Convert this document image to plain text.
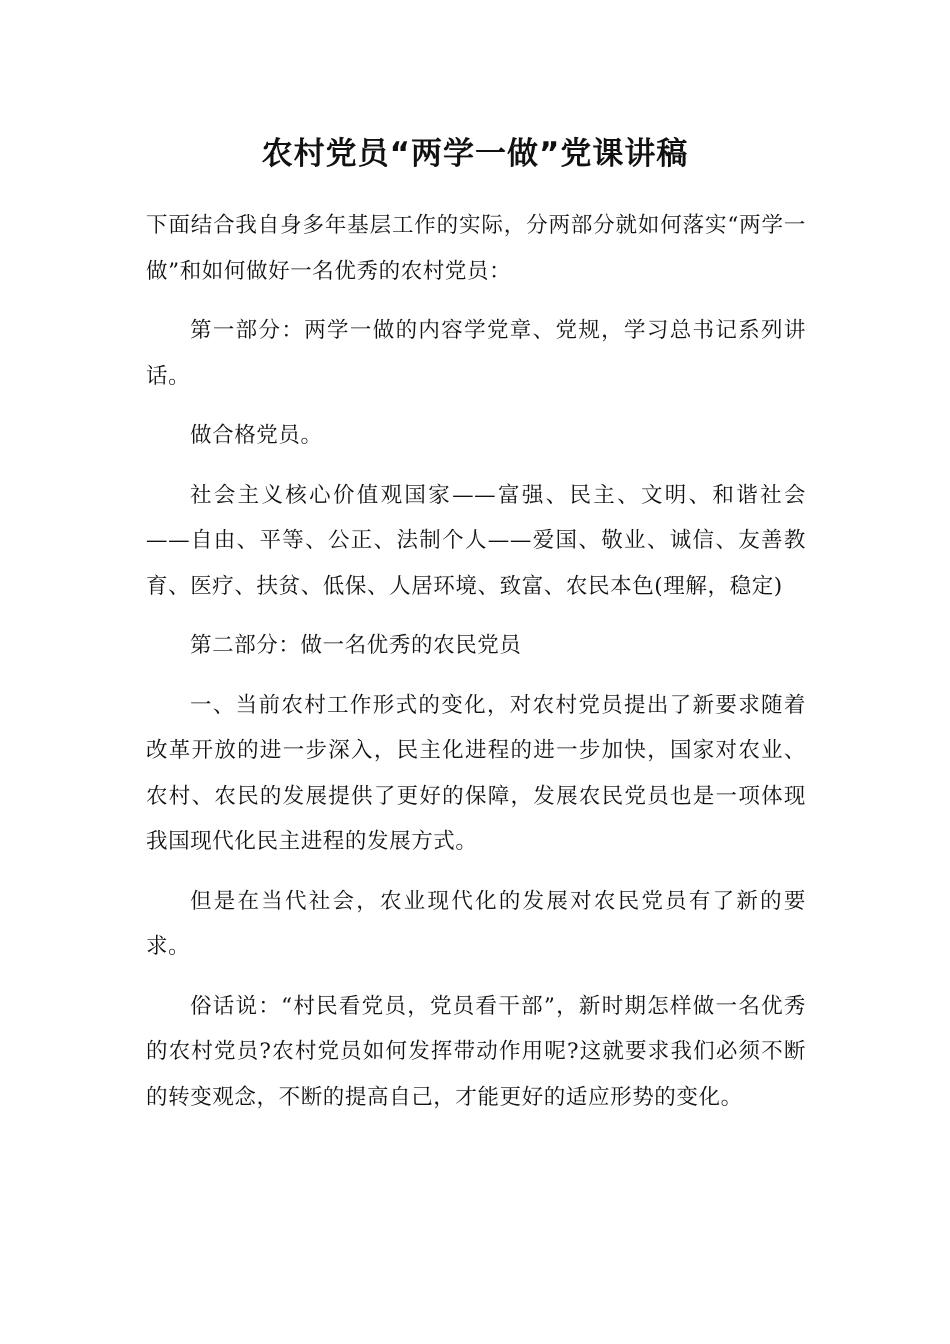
农村党员“两学一做”党课讲稿

下面结合我自身多年基层工作的实际，分两部分就如何落实“两学一做”和如何做好一名优秀的农村党员：

第一部分：两学一做的内容学党章、党规，学习总书记系列讲话。

做合格党员。

社会主义核心价值观国家——富强、民主、文明、和谐社会——自由、平等、公正、法制个人——爱国、敬业、诚信、友善教育、医疗、扶贫、低保、人居环境、致富、农民本色(理解，稳定)

第二部分：做一名优秀的农民党员

一、当前农村工作形式的变化，对农村党员提出了新要求随着改革开放的进一步深入，民主化进程的进一步加快，国家对农业、农村、农民的发展提供了更好的保障，发展农民党员也是一项体现我国现代化民主进程的发展方式。

但是在当代社会，农业现代化的发展对农民党员有了新的要求。

俗话说：“村民看党员，党员看干部”，新时期怎样做一名优秀的农村党员?农村党员如何发挥带动作用呢?这就要求我们必须不断的转变观念，不断的提高自己，才能更好的适应形势的变化。
